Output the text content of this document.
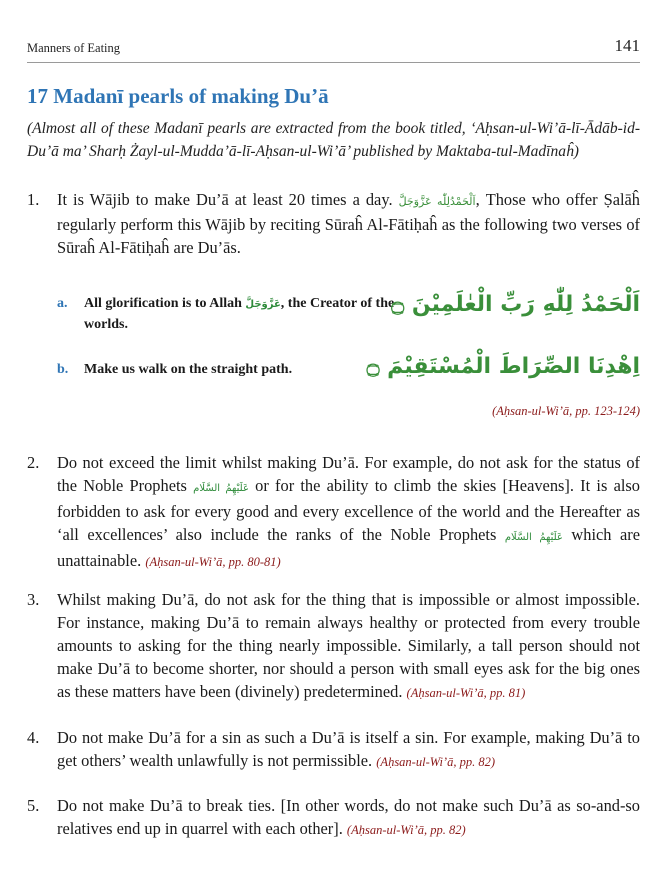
Manners of Eating	141
17 Madanī pearls of making Du’ā
(Almost all of these Madanī pearls are extracted from the book titled, ‘Aḥsan-ul-Wi’ā-lī-Ādāb-id-Du’ā ma’ Sharḥ Żayl-ul-Mudda’ā-lī-Aḥsan-ul-Wi’ā’ published by Maktaba-tul-Madīnaĥ)
1. It is Wājib to make Du’ā at least 20 times a day. اَلْحَمْدُلِلّٰه عَزَّوَجَلَّ, Those who offer Ṣalāĥ regularly perform this Wājib by reciting Sūraĥ Al-Fātiḥaĥ as the following two verses of Sūraĥ Al-Fātiḥaĥ are Du’ās.
a. All glorification is to Allah عَزَّوَجَلَّ, the Creator of the worlds.
اَلْحَمْدُ لِلّٰهِ رَبِّ الْعٰلَمِيْنَ ۝
b. Make us walk on the straight path.	اِهْدِنَا الصِّرَاطَ الْمُسْتَقِيْمَ ۝
(Aḥsan-ul-Wi’ā, pp. 123-124)
2. Do not exceed the limit whilst making Du’ā. For example, do not ask for the status of the Noble Prophets عَلَيْهِمُ السَّلَام or for the ability to climb the skies [Heavens]. It is also forbidden to ask for every good and every excellence of the world and the Hereafter as ‘all excellences’ also include the ranks of the Noble Prophets عَلَيْهِمُ السَّلَام which are unattainable. (Aḥsan-ul-Wi’ā, pp. 80-81)
3. Whilst making Du’ā, do not ask for the thing that is impossible or almost impossible. For instance, making Du’ā to remain always healthy or protected from every trouble amounts to asking for the thing nearly impossible. Similarly, a tall person should not make Du’ā to become shorter, nor should a person with small eyes ask for the big ones as these matters have been (divinely) predetermined. (Aḥsan-ul-Wi’ā, pp. 81)
4. Do not make Du’ā for a sin as such a Du’ā is itself a sin. For example, making Du’ā to get others’ wealth unlawfully is not permissible. (Aḥsan-ul-Wi’ā, pp. 82)
5. Do not make Du’ā to break ties. [In other words, do not make such Du’ā as so-and-so relatives end up in quarrel with each other]. (Aḥsan-ul-Wi’ā, pp. 82)
